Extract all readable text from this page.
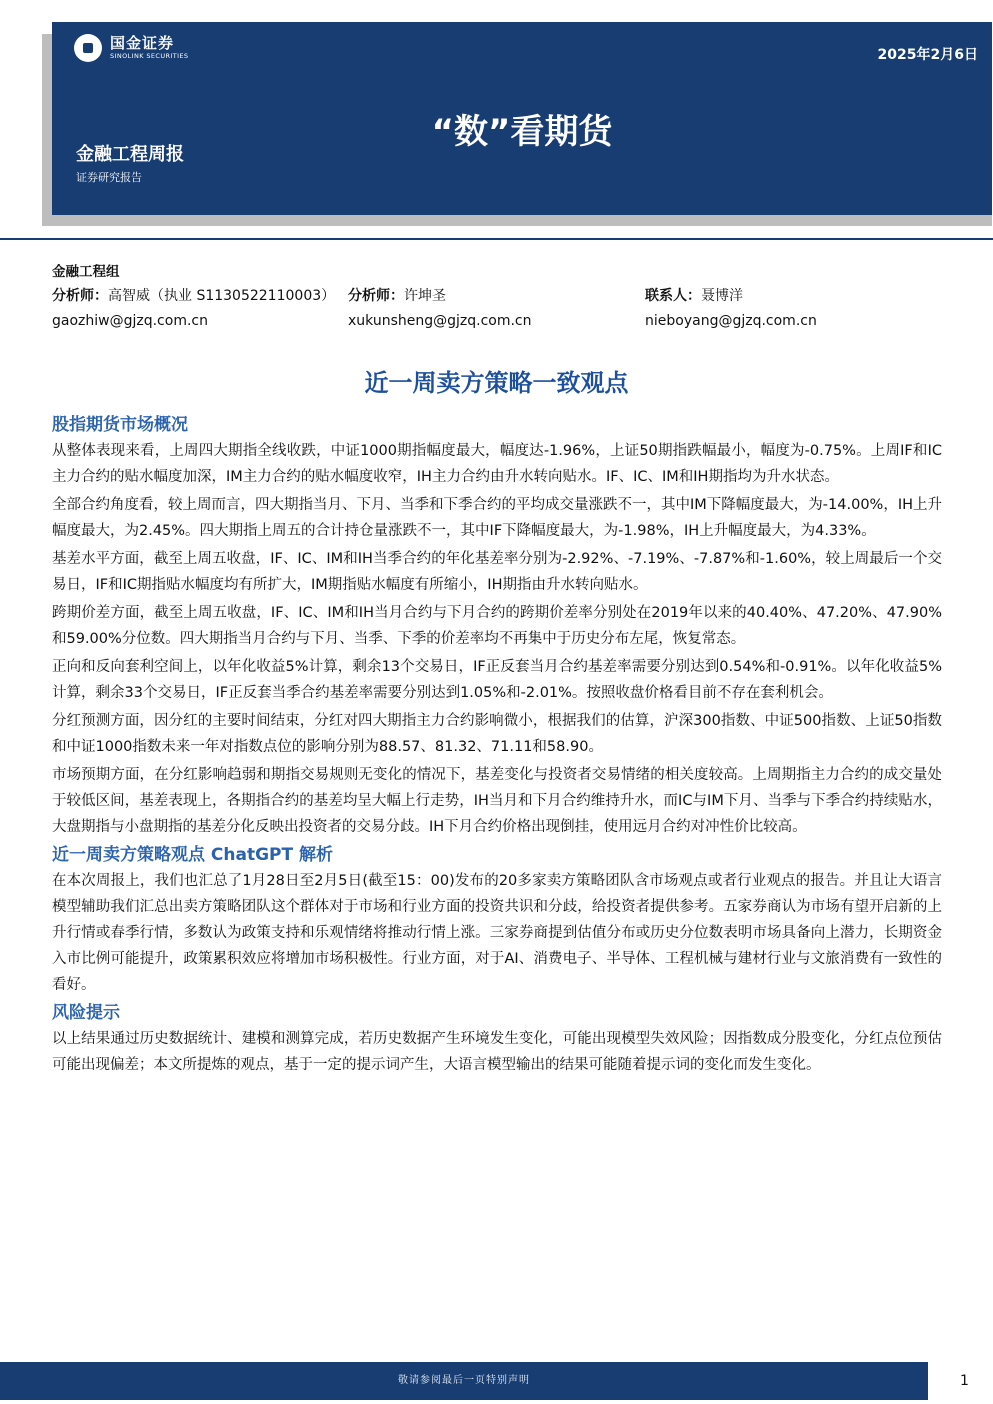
国金证券
SINOLINK SECURITIES	2025年2月6日
“数”看期货
金融工程周报
证券研究报告
金融工程组
分析师：高智威（执业 S1130522110003） 分析师：许坤圣	联系人：聂博洋
gaozhiw@gjzq.com.cn	xukunsheng@gjzq.com.cn	nieboyang@gjzq.com.cn
近一周卖方策略一致观点
股指期货市场概况

从整体表现来看，上周四大期指全线收跌，中证1000期指幅度最大，幅度达-1.96%，上证50期指跌幅最小，幅度为-0.75%。上周IF和IC主力合约的贴水幅度加深，IM主力合约的贴水幅度收窄，IH主力合约由升水转向贴水。IF、IC、IM和IH期指均为升水状态。

全部合约角度看，较上周而言，四大期指当月、下月、当季和下季合约的平均成交量涨跌不一，其中IM下降幅度最大，为-14.00%，IH上升幅度最大，为2.45%。四大期指上周五的合计持仓量涨跌不一，其中IF下降幅度最大，为-1.98%，IH上升幅度最大，为4.33%。

基差水平方面，截至上周五收盘，IF、IC、IM和IH当季合约的年化基差率分别为-2.92%、-7.19%、-7.87%和-1.60%，较上周最后一个交易日，IF和IC期指贴水幅度均有所扩大，IM期指贴水幅度有所缩小，IH期指由升水转向贴水。

跨期价差方面，截至上周五收盘，IF、IC、IM和IH当月合约与下月合约的跨期价差率分别处在2019年以来的40.40%、47.20%、47.90%和59.00%分位数。四大期指当月合约与下月、当季、下季的价差率均不再集中于历史分布左尾，恢复常态。

正向和反向套利空间上，以年化收益5%计算，剩余13个交易日，IF正反套当月合约基差率需要分别达到0.54%和-0.91%。以年化收益5%计算，剩余33个交易日，IF正反套当季合约基差率需要分别达到1.05%和-2.01%。按照收盘价格看目前不存在套利机会。

分红预测方面，因分红的主要时间结束，分红对四大期指主力合约影响微小，根据我们的估算，沪深300指数、中证500指数、上证50指数和中证1000指数未来一年对指数点位的影响分别为88.57、81.32、71.11和58.90。

市场预期方面，在分红影响趋弱和期指交易规则无变化的情况下，基差变化与投资者交易情绪的相关度较高。上周期指主力合约的成交量处于较低区间，基差表现上，各期指合约的基差均呈大幅上行走势，IH当月和下月合约维持升水，而IC与IM下月、当季与下季合约持续贴水，大盘期指与小盘期指的基差分化反映出投资者的交易分歧。IH下月合约价格出现倒挂，使用远月合约对冲性价比较高。

近一周卖方策略观点 ChatGPT 解析

在本次周报上，我们也汇总了1月28日至2月5日(截至15：00)发布的20多家卖方策略团队含市场观点或者行业观点的报告。并且让大语言模型辅助我们汇总出卖方策略团队这个群体对于市场和行业方面的投资共识和分歧，给投资者提供参考。五家券商认为市场有望开启新的上升行情或春季行情，多数认为政策支持和乐观情绪将推动行情上涨。三家券商提到估值分布或历史分位数表明市场具备向上潜力，长期资金入市比例可能提升，政策累积效应将增加市场积极性。行业方面，对于AI、消费电子、半导体、工程机械与建材行业与文旅消费有一致性的看好。

风险提示

以上结果通过历史数据统计、建模和测算完成，若历史数据产生环境发生变化，可能出现模型失效风险；因指数成分股变化，分红点位预估可能出现偏差；本文所提炼的观点，基于一定的提示词产生，大语言模型输出的结果可能随着提示词的变化而发生变化。

敬请参阅最后一页特别声明	1
